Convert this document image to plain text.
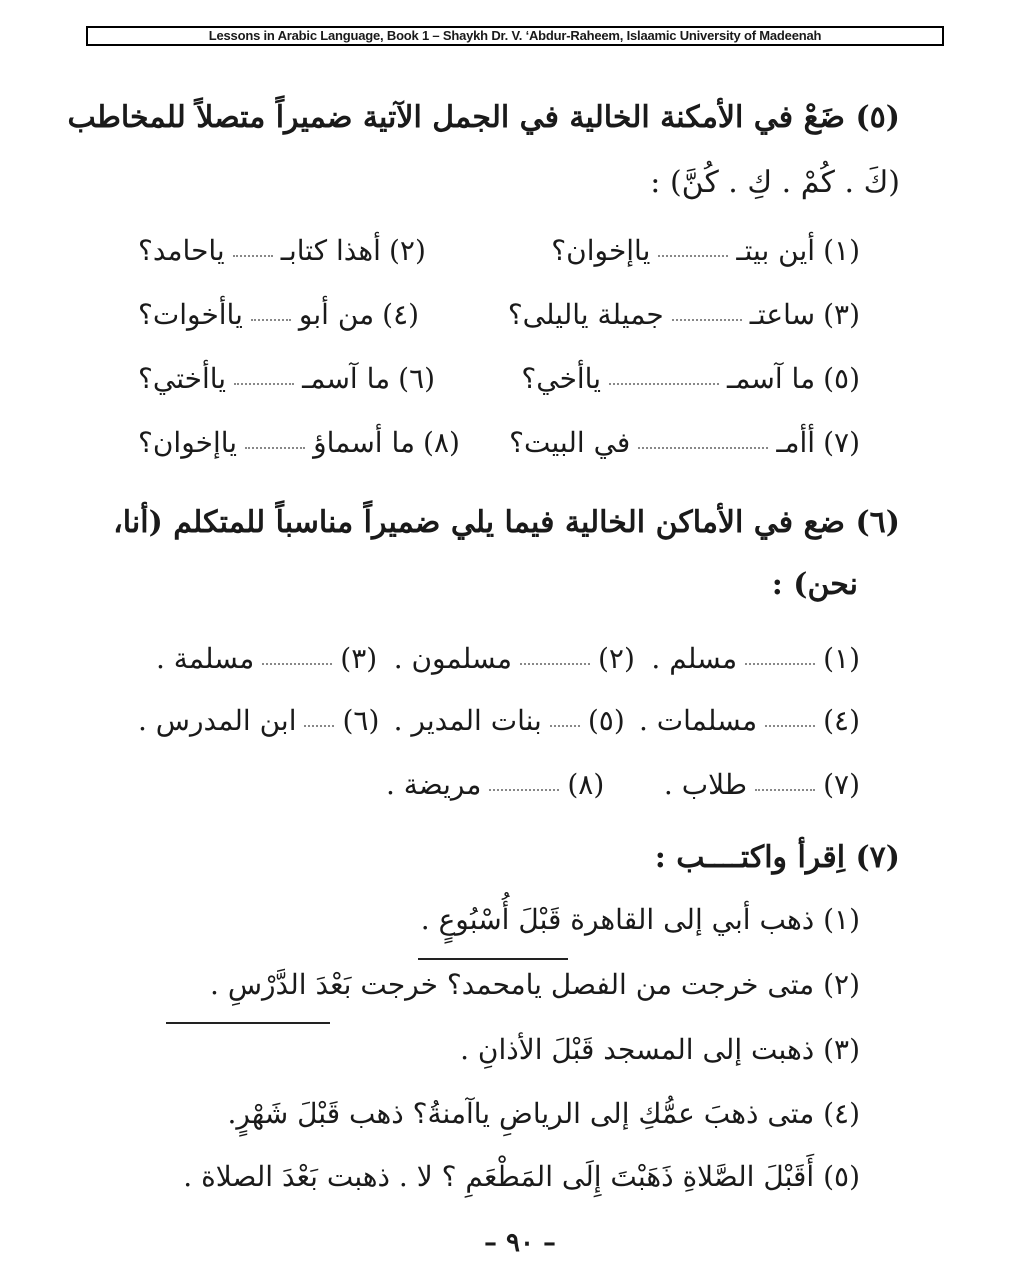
Lessons in Arabic Language, Book 1 – Shaykh Dr. V. ‘Abdur-Raheem, Islaamic University of Madeenah
(٥) ضَعْ في الأمكنة الخالية في الجمل الآتية ضميراً متصلاً للمخاطب
(كَ . كُمْ . كِ . كُنَّ) :
(١)
أين بيتـ
ياإخوان؟
(٢)
أهذا كتابـ
ياحامد؟
(٣)
ساعتـ
جميلة ياليلى؟
(٤)
من أبو
ياأخوات؟
(٥)
ما آسمـ
ياأخي؟
(٦)
ما آسمـ
ياأختي؟
(٧)
أأمـ
في البيت؟
(٨)
ما أسماؤ
ياإخوان؟
(٦) ضع في الأماكن الخالية فيما يلي ضميراً مناسباً للمتكلم (أنا،
نحن) :
(١)
مسلم .
(٢)
مسلمون .
(٣)
مسلمة .
(٤)
مسلمات .
(٥)
بنات المدير .
(٦)
ابن المدرس .
(٧)
طلاب .
(٨)
مريضة .
(٧) اِقرأ واكتــــب :
(١) ذهب أبي إلى القاهرة قَبْلَ أُسْبُوعٍ .
(٢) متى خرجت من الفصل يامحمد؟ خرجت بَعْدَ الدَّرْسِ .
(٣) ذهبت إلى المسجد قَبْلَ الأذانِ .
(٤) متى ذهبَ عمُّكِ إلى الرياضِ ياآمنةُ؟ ذهب قَبْلَ شَهْرٍ.
(٥) أَقَبْلَ الصَّلاةِ ذَهَبْتَ إِلَى المَطْعَمِ ؟ لا . ذهبت بَعْدَ الصلاة .
– ٩٠ –
